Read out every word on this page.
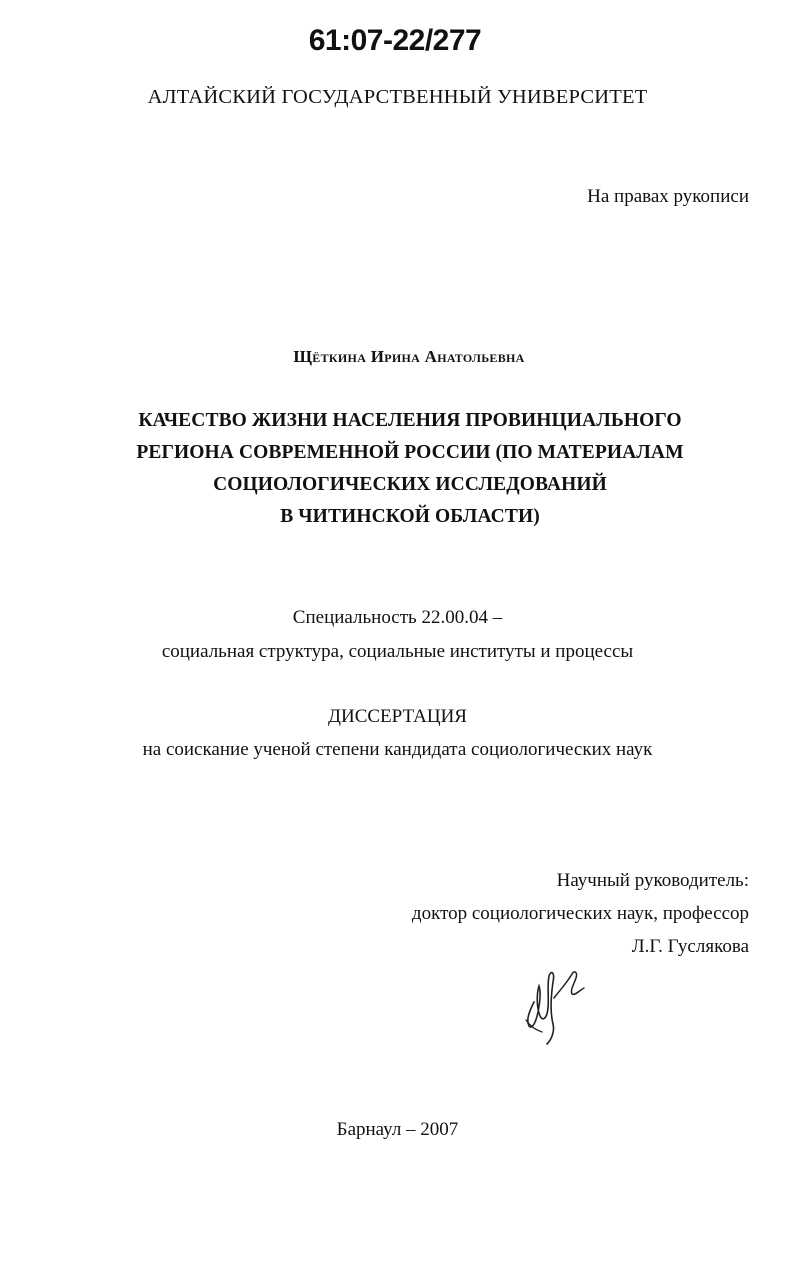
61:07-22/277
АЛТАЙСКИЙ ГОСУДАРСТВЕННЫЙ УНИВЕРСИТЕТ
На правах рукописи
Щёткина Ирина Анатольевна
КАЧЕСТВО ЖИЗНИ НАСЕЛЕНИЯ ПРОВИНЦИАЛЬНОГО
РЕГИОНА СОВРЕМЕННОЙ РОССИИ (ПО МАТЕРИАЛАМ
СОЦИОЛОГИЧЕСКИХ ИССЛЕДОВАНИЙ
В ЧИТИНСКОЙ ОБЛАСТИ)
Специальность 22.00.04 –
социальная структура, социальные институты и процессы
ДИССЕРТАЦИЯ
на соискание ученой степени кандидата социологических наук
Научный руководитель:
доктор социологических наук, профессор
Л.Г. Гуслякова
Барнаул – 2007
